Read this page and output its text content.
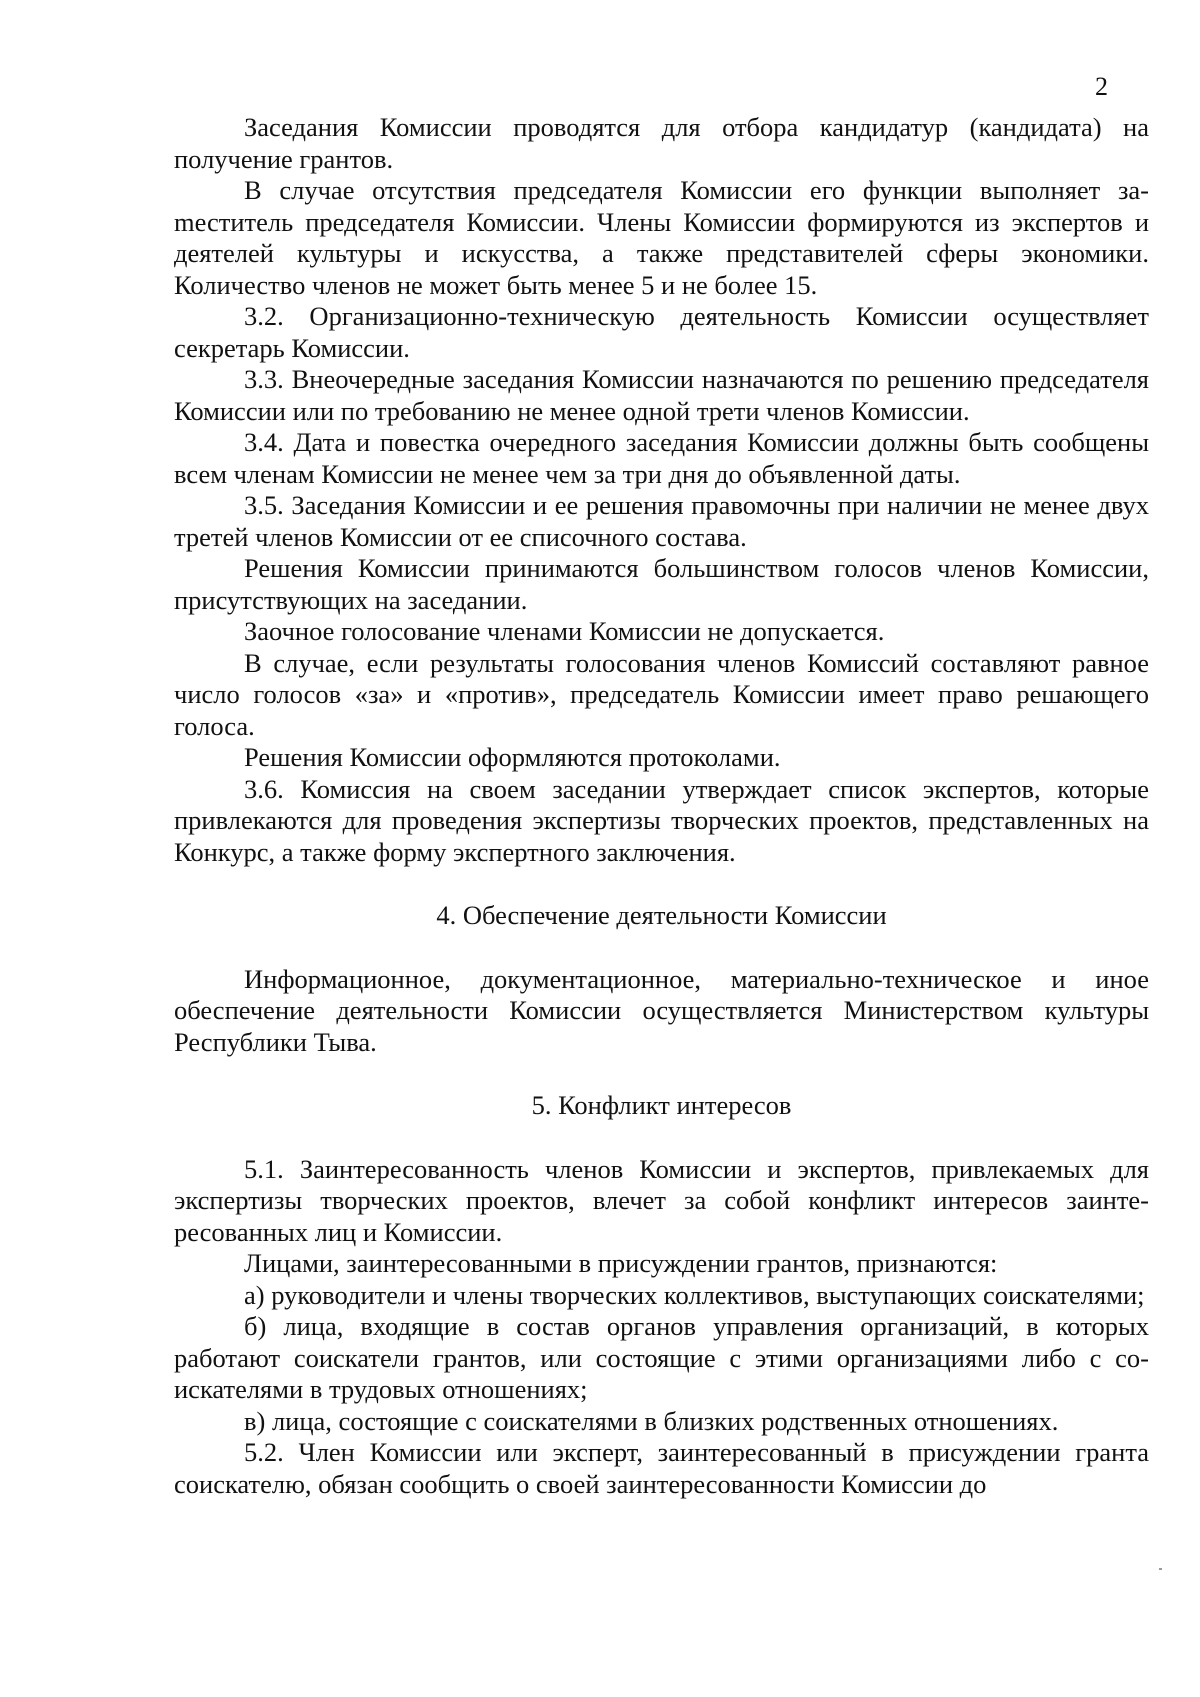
2

Заседания Комиссии проводятся для отбора кандидатур (кандидата) на получение грантов.

В случае отсутствия председателя Комиссии его функции выполняет заmеститель председателя Комиссии. Члены Комиссии формируются из экспертов и деятелей культуры и искусства, а также представителей сферы экономики. Количество членов не может быть менее 5 и не более 15.

3.2. Организационно-техническую деятельность Комиссии осуществляет секретарь Комиссии.

3.3. Внеочередные заседания Комиссии назначаются по решению председателя Комиссии или по требованию не менее одной трети членов Комиссии.

3.4. Дата и повестка очередного заседания Комиссии должны быть сообщены всем членам Комиссии не менее чем за три дня до объявленной даты.

3.5. Заседания Комиссии и ее решения правомочны при наличии не менее двух третей членов Комиссии от ее списочного состава.

Решения Комиссии принимаются большинством голосов членов Комиссии, присутствующих на заседании.

Заочное голосование членами Комиссии не допускается.

В случае, если результаты голосования членов Комиссий составляют равное число голосов «за» и «против», председатель Комиссии имеет право решающего голоса.

Решения Комиссии оформляются протоколами.

3.6. Комиссия на своем заседании утверждает список экспертов, которые привлекаются для проведения экспертизы творческих проектов, представленных на Конкурс, а также форму экспертного заключения.

4. Обеспечение деятельности Комиссии

Информационное, документационное, материально-техническое и иное обеспечение деятельности Комиссии осуществляется Министерством культуры Республики Тыва.

5. Конфликт интересов

5.1. Заинтересованность членов Комиссии и экспертов, привлекаемых для экспертизы творческих проектов, влечет за собой конфликт интересов заинтересованных лиц и Комиссии.

Лицами, заинтересованными в присуждении грантов, признаются:

а) руководители и члены творческих коллективов, выступающих соискателями;

б) лица, входящие в состав органов управления организаций, в которых работают соискатели грантов, или состоящие с этими организациями либо с соискателями в трудовых отношениях;

в) лица, состоящие с соискателями в близких родственных отношениях.

5.2. Член Комиссии или эксперт, заинтересованный в присуждении гранта соискателю, обязан сообщить о своей заинтересованности Комиссии до
